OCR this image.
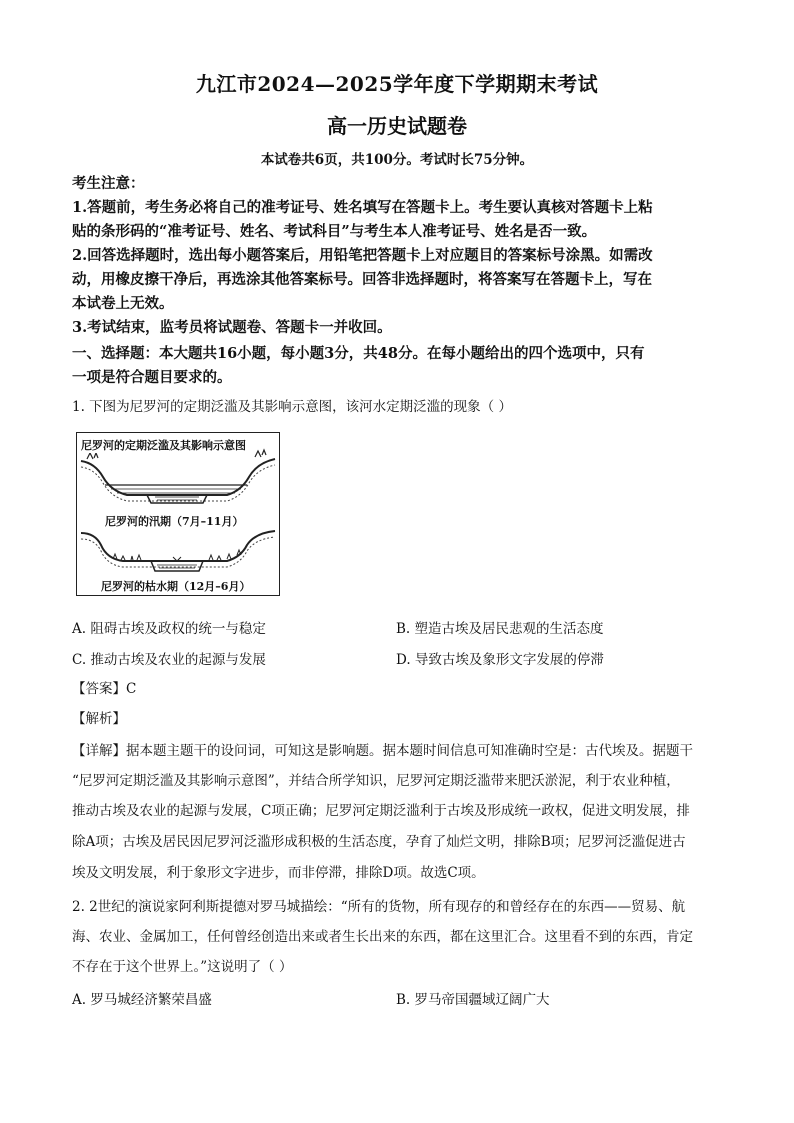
九江市2024—2025学年度下学期期末考试
高一历史试题卷
本试卷共6页，共100分。考试时长75分钟。
考生注意：
1.答题前，考生务必将自己的准考证号、姓名填写在答题卡上。考生要认真核对答题卡上粘
贴的条形码的“准考证号、姓名、考试科目”与考生本人准考证号、姓名是否一致。
2.回答选择题时，选出每小题答案后，用铅笔把答题卡上对应题目的答案标号涂黑。如需改
动，用橡皮擦干净后，再选涂其他答案标号。回答非选择题时，将答案写在答题卡上，写在
本试卷上无效。
3.考试结束，监考员将试题卷、答题卡一并收回。
一、选择题：本大题共16小题，每小题3分，共48分。在每小题给出的四个选项中，只有
一项是符合题目要求的。
1. 下图为尼罗河的定期泛滥及其影响示意图，该河水定期泛滥的现象（ ）
尼罗河的定期泛滥及其影响示意图
尼罗河的汛期（7月–11月）
尼罗河的枯水期（12月–6月）
A. 阻碍古埃及政权的统一与稳定	B. 塑造古埃及居民悲观的生活态度
C. 推动古埃及农业的起源与发展	D. 导致古埃及象形文字发展的停滞
【答案】C
【解析】
【详解】据本题主题干的设问词，可知这是影响题。据本题时间信息可知准确时空是：古代埃及。据题干
“尼罗河定期泛滥及其影响示意图”，并结合所学知识，尼罗河定期泛滥带来肥沃淤泥，利于农业种植，
推动古埃及农业的起源与发展，C项正确；尼罗河定期泛滥利于古埃及形成统一政权，促进文明发展，排
除A项；古埃及居民因尼罗河泛滥形成积极的生活态度，孕育了灿烂文明，排除B项；尼罗河泛滥促进古
埃及文明发展，利于象形文字进步，而非停滞，排除D项。故选C项。
2. 2世纪的演说家阿利斯提德对罗马城描绘：“所有的货物，所有现存的和曾经存在的东西——贸易、航
海、农业、金属加工，任何曾经创造出来或者生长出来的东西，都在这里汇合。这里看不到的东西，肯定
不存在于这个世界上。”这说明了（ ）
A. 罗马城经济繁荣昌盛	B. 罗马帝国疆域辽阔广大
